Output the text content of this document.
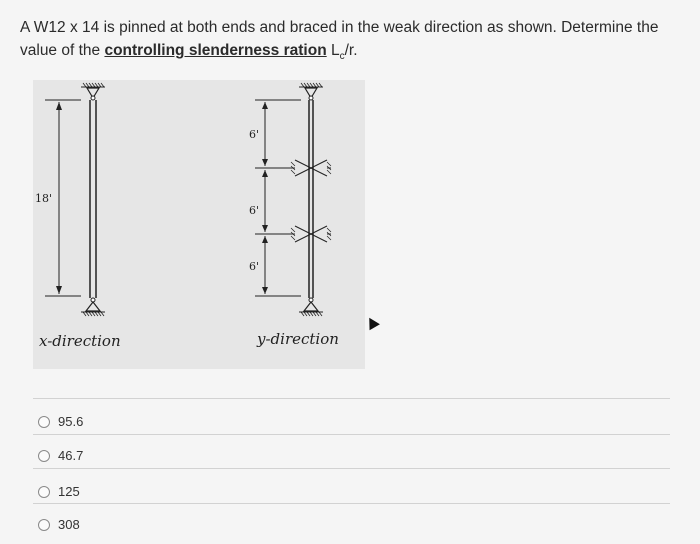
A W12 x 14 is pinned at both ends and braced in the weak direction as shown. Determine the value of the controlling slenderness ration $L_c/r$.
18'
6'
6'
6'
x-direction	y-direction
95.6
46.7
125
308
